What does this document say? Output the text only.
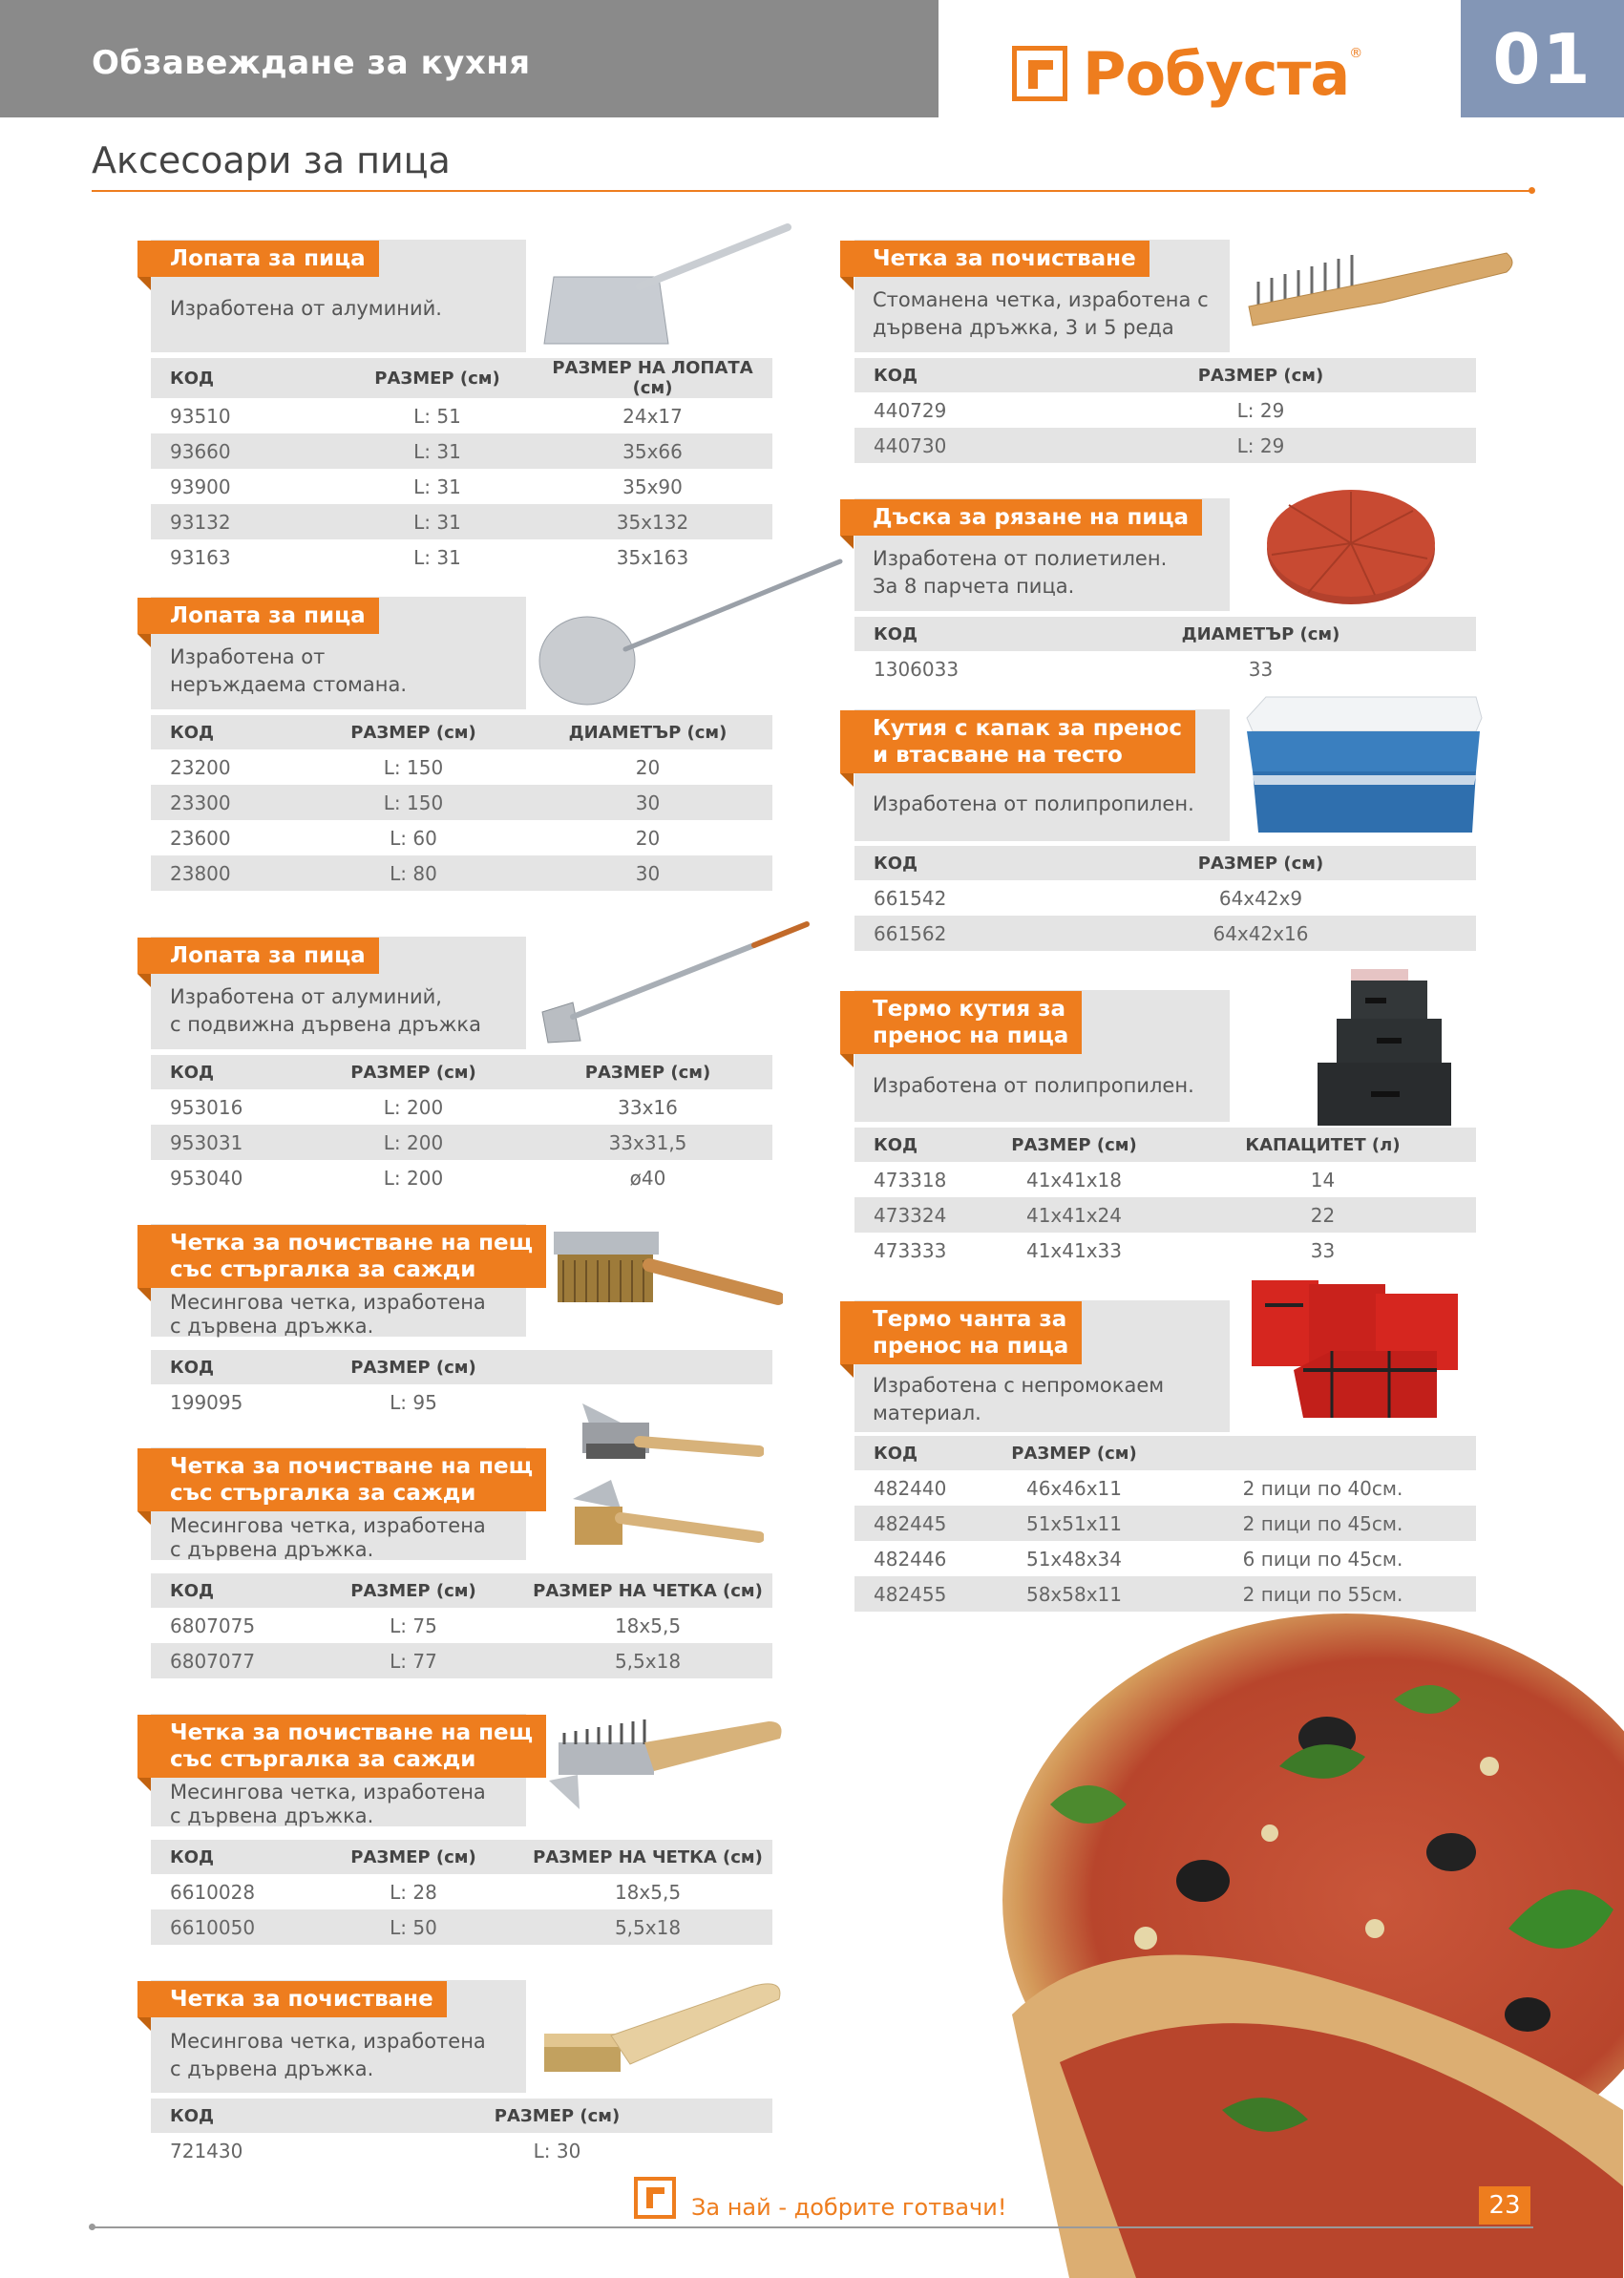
Обзавеждане за кухня	Робуста ®	01
Аксесоари за пица
Лопата за пица
Изработена от алуминий.
КОД	РАЗМЕР (см)	РАЗМЕР НА ЛОПАТА (см)
93510	L: 51	24x17
93660	L: 31	35x66
93900	L: 31	35x90
93132	L: 31	35x132
93163	L: 31	35x163
Лопата за пица
Изработена от
неръждаема стомана.
КОД	РАЗМЕР (см)	ДИАМЕТЪР (см)
23200	L: 150	20
23300	L: 150	30
23600	L: 60	20
23800	L: 80	30
Лопата за пица
Изработена от алуминий,
с подвижна дървена дръжка
КОД	РАЗМЕР (см)	РАЗМЕР (см)
953016	L: 200	33x16
953031	L: 200	33x31,5
953040	L: 200	ø40
Четка за почистване на пещ
със стъргалка за сажди
Месингова четка, изработена
с дървена дръжка.
КОД	РАЗМЕР (см)	
199095	L: 95	
Четка за почистване на пещ
със стъргалка за сажди
Месингова четка, изработена
с дървена дръжка.
КОД	РАЗМЕР (см)	РАЗМЕР НА ЧЕТКА (см)
6807075	L: 75	18x5,5
6807077	L: 77	5,5x18
Четка за почистване на пещ
със стъргалка за сажди
Месингова четка, изработена
с дървена дръжка.
КОД	РАЗМЕР (см)	РАЗМЕР НА ЧЕТКА (см)
6610028	L: 28	18x5,5
6610050	L: 50	5,5x18
Четка за почистване
Месингова четка, изработена
с дървена дръжка.
КОД	РАЗМЕР (см)
721430	L: 30
Четка за почистване
Стоманена четка, изработена с
дървена дръжка, 3 и 5 реда
КОД	РАЗМЕР (см)
440729	L: 29
440730	L: 29
Дъска за рязане на пица
Изработена от полиетилен.
За 8 парчета пица.
КОД	ДИАМЕТЪР (см)
1306033	33
Кутия с капак за пренос
и втасване на тесто
Изработена от полипропилен.
КОД	РАЗМЕР (см)
661542	64x42x9
661562	64x42x16
Термо кутия за
пренос на пица
Изработена от полипропилен.
КОД	РАЗМЕР (см)	КАПАЦИТЕТ (л)
473318	41x41x18	14
473324	41x41x24	22
473333	41x41x33	33
Термо чанта за
пренос на пица
Изработена с непромокаем
материал.
КОД	РАЗМЕР (см)	
482440	46x46x11	2 пици по 40см.
482445	51x51x11	2 пици по 45см.
482446	51x48x34	6 пици по 45см.
482455	58x58x11	2 пици по 55см.
За най - добрите готвачи!	23
